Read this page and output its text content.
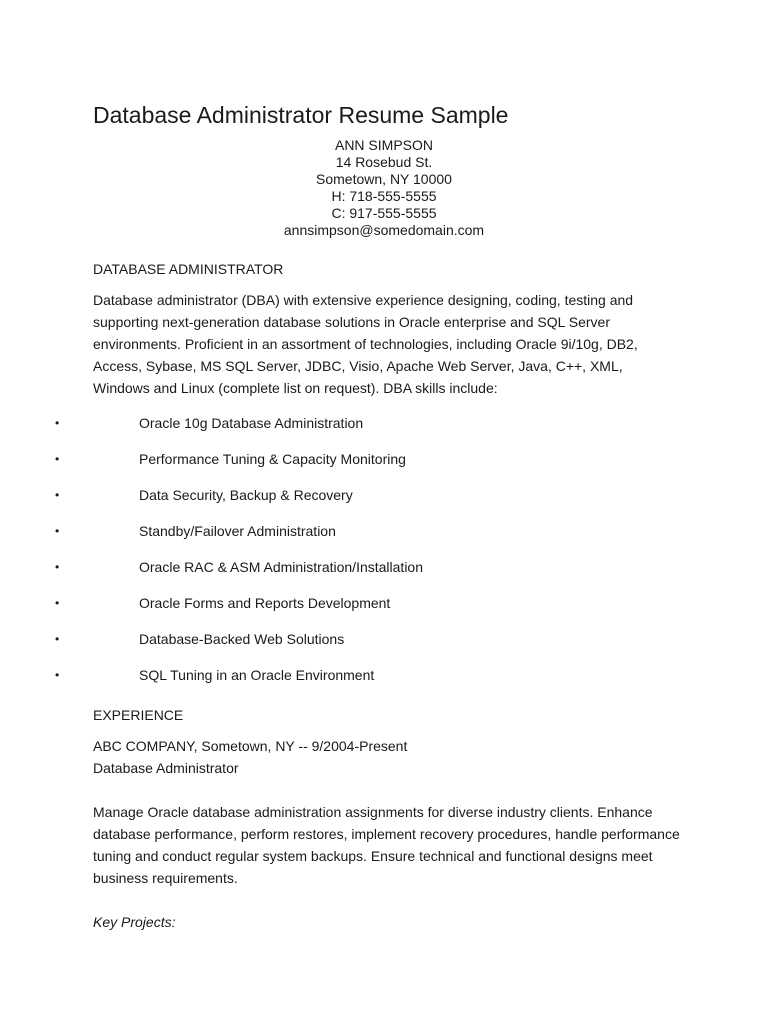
Database Administrator Resume Sample
ANN SIMPSON
14 Rosebud St.
Sometown, NY 10000
H: 718-555-5555
C: 917-555-5555
annsimpson@somedomain.com
DATABASE ADMINISTRATOR
Database administrator (DBA) with extensive experience designing, coding, testing and supporting next-generation database solutions in Oracle enterprise and SQL Server environments. Proficient in an assortment of technologies, including Oracle 9i/10g, DB2, Access, Sybase, MS SQL Server, JDBC, Visio, Apache Web Server, Java, C++, XML, Windows and Linux (complete list on request). DBA skills include:
•	Oracle 10g Database Administration
•	Performance Tuning & Capacity Monitoring
•	Data Security, Backup & Recovery
•	Standby/Failover Administration
•	Oracle RAC & ASM Administration/Installation
•	Oracle Forms and Reports Development
•	Database-Backed Web Solutions
•	SQL Tuning in an Oracle Environment
EXPERIENCE
ABC COMPANY, Sometown, NY -- 9/2004-Present
Database Administrator
Manage Oracle database administration assignments for diverse industry clients. Enhance database performance, perform restores, implement recovery procedures, handle performance tuning and conduct regular system backups. Ensure technical and functional designs meet business requirements.
Key Projects:
